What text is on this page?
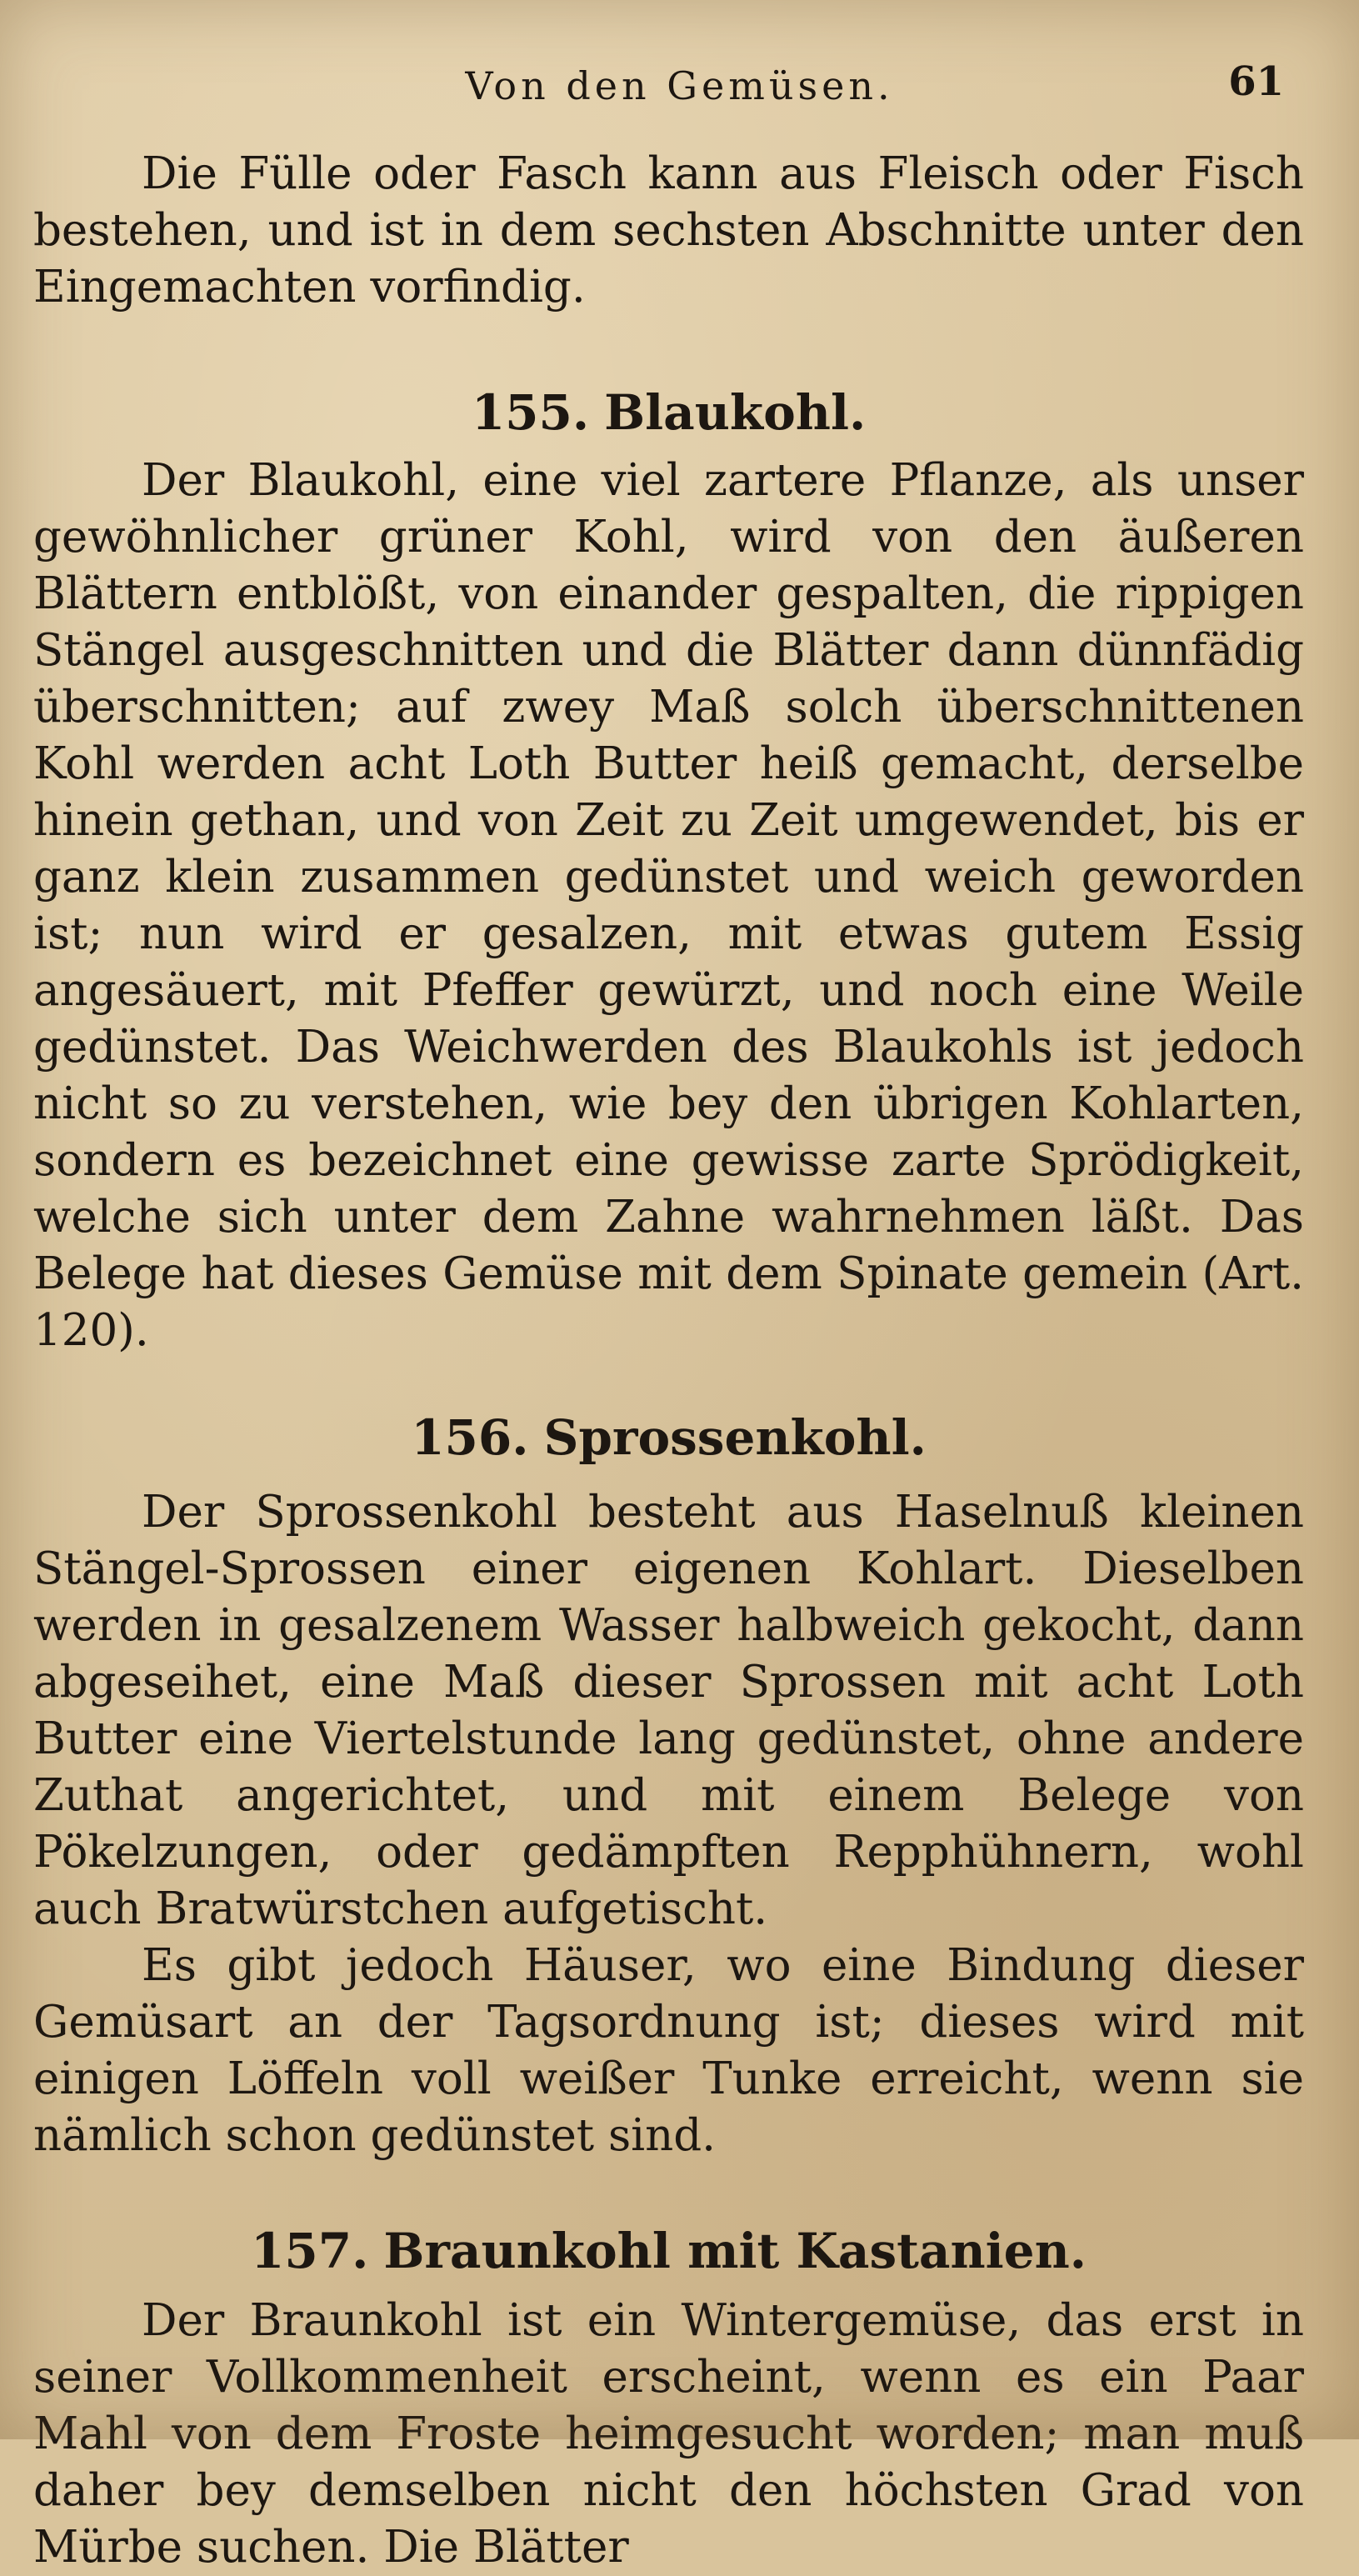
Von den Gemüsen.	61

Die Fülle oder Fasch kann aus Fleisch oder Fisch bestehen, und ist in dem sechsten Abschnitte unter den Eingemachten vorfindig.

155. Blaukohl.

Der Blaukohl, eine viel zartere Pflanze, als unser gewöhnlicher grüner Kohl, wird von den äußeren Blättern entblößt, von einander gespalten, die rippigen Stängel ausgeschnitten und die Blätter dann dünnfädig überschnitten; auf zwey Maß solch überschnittenen Kohl werden acht Loth Butter heiß gemacht, derselbe hinein gethan, und von Zeit zu Zeit umgewendet, bis er ganz klein zusammen gedünstet und weich geworden ist; nun wird er gesalzen, mit etwas gutem Essig angesäuert, mit Pfeffer gewürzt, und noch eine Weile gedünstet. Das Weichwerden des Blaukohls ist jedoch nicht so zu verstehen, wie bey den übrigen Kohlarten, sondern es bezeichnet eine gewisse zarte Sprödigkeit, welche sich unter dem Zahne wahrnehmen läßt. Das Belege hat dieses Gemüse mit dem Spinate gemein (Art. 120).

156. Sprossenkohl.

Der Sprossenkohl besteht aus Haselnuß kleinen Stängel-Sprossen einer eigenen Kohlart. Dieselben werden in gesalzenem Wasser halbweich gekocht, dann abgeseihet, eine Maß dieser Sprossen mit acht Loth Butter eine Viertelstunde lang gedünstet, ohne andere Zuthat angerichtet, und mit einem Belege von Pökelzungen, oder gedämpften Repphühnern, wohl auch Bratwürstchen aufgetischt.

Es gibt jedoch Häuser, wo eine Bindung dieser Gemüsart an der Tagsordnung ist; dieses wird mit einigen Löffeln voll weißer Tunke erreicht, wenn sie nämlich schon gedünstet sind.

157. Braunkohl mit Kastanien.

Der Braunkohl ist ein Wintergemüse, das erst in seiner Vollkommenheit erscheint, wenn es ein Paar Mahl von dem Froste heimgesucht worden; man muß daher bey demselben nicht den höchsten Grad von Mürbe suchen. Die Blätter
